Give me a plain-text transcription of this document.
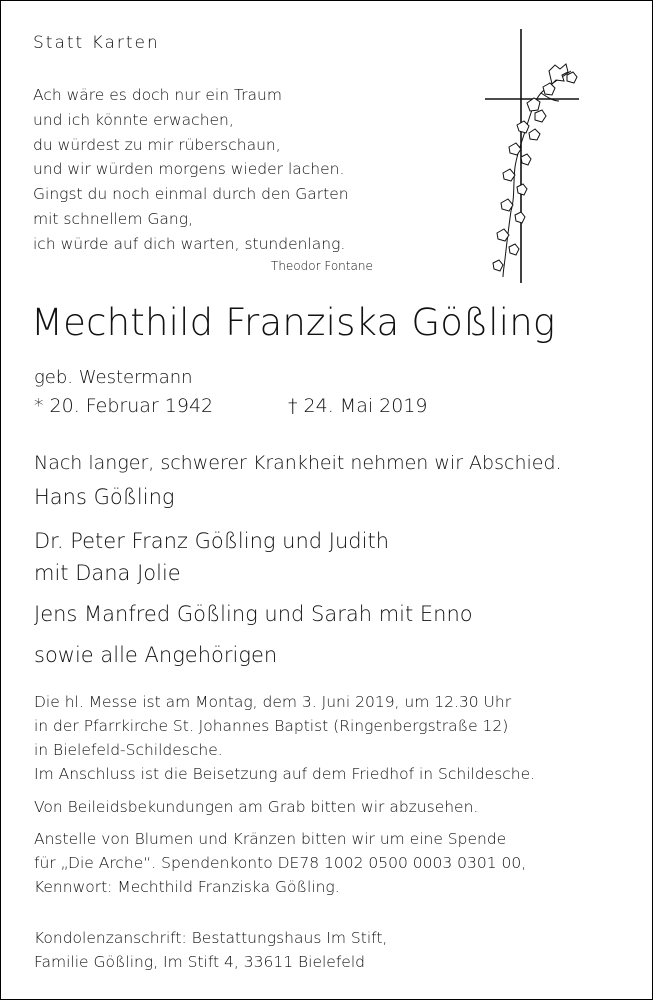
Statt Karten
Ach wäre es doch nur ein Traum
und ich könnte erwachen,
du würdest zu mir rüberschaun,
und wir würden morgens wieder lachen.
Gingst du noch einmal durch den Garten
mit schnellem Gang,
ich würde auf dich warten, stundenlang.
Theodor Fontane
Mechthild Franziska Gößling
geb. Westermann
* 20. Februar 1942	† 24. Mai 2019
Nach langer, schwerer Krankheit nehmen wir Abschied.
Hans Gößling
Dr. Peter Franz Gößling und Judith
mit Dana Jolie
Jens Manfred Gößling und Sarah mit Enno
sowie alle Angehörigen
Die hl. Messe ist am Montag, dem 3. Juni 2019, um 12.30 Uhr
in der Pfarrkirche St. Johannes Baptist (Ringenbergstraße 12)
in Bielefeld-Schildesche.
Im Anschluss ist die Beisetzung auf dem Friedhof in Schildesche.
Von Beileidsbekundungen am Grab bitten wir abzusehen.
Anstelle von Blumen und Kränzen bitten wir um eine Spende
für „Die Arche“. Spendenkonto DE78 1002 0500 0003 0301 00,
Kennwort: Mechthild Franziska Gößling.
Kondolenzanschrift: Bestattungshaus Im Stift,
Familie Gößling, Im Stift 4, 33611 Bielefeld
